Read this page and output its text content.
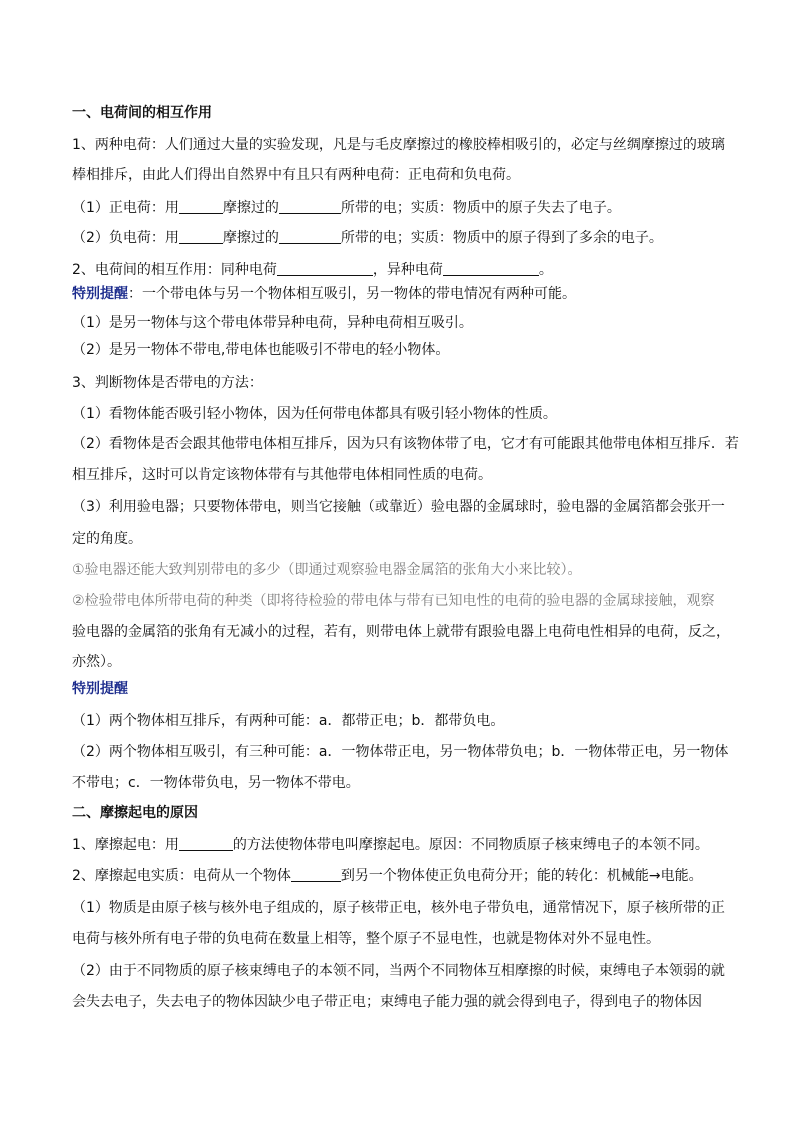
一、电荷间的相互作用
1、两种电荷：人们通过大量的实验发现，凡是与毛皮摩擦过的橡胶棒相吸引的，必定与丝绸摩擦过的玻璃
棒相排斥，由此人们得出自然界中有且只有两种电荷：正电荷和负电荷。
（1）正电荷：用	摩擦过的	所带的电；实质：物质中的原子失去了电子。
（2）负电荷：用	摩擦过的	所带的电；实质：物质中的原子得到了多余的电子。
2、电荷间的相互作用：同种电荷	，异种电荷	。
特别提醒：一个带电体与另一个物体相互吸引，另一物体的带电情况有两种可能。
（1）是另一物体与这个带电体带异种电荷，异种电荷相互吸引。
（2）是另一物体不带电,带电体也能吸引不带电的轻小物体。
3、判断物体是否带电的方法：
（1）看物体能否吸引轻小物体，因为任何带电体都具有吸引轻小物体的性质。
（2）看物体是否会跟其他带电体相互排斥，因为只有该物体带了电，它才有可能跟其他带电体相互排斥．若
相互排斥，这时可以肯定该物体带有与其他带电体相同性质的电荷。
（3）利用验电器；只要物体带电，则当它接触（或靠近）验电器的金属球时，验电器的金属箔都会张开一
定的角度。
①验电器还能大致判别带电的多少（即通过观察验电器金属箔的张角大小来比较）。
②检验带电体所带电荷的种类（即将待检验的带电体与带有已知电性的电荷的验电器的金属球接触，观察
验电器的金属箔的张角有无减小的过程，若有，则带电体上就带有跟验电器上电荷电性相异的电荷，反之，
亦然）。
特别提醒
（1）两个物体相互排斥，有两种可能：a．都带正电；b．都带负电。
（2）两个物体相互吸引，有三种可能：a．一物体带正电，另一物体带负电；b．一物体带正电，另一物体
不带电；c．一物体带负电，另一物体不带电。
二、摩擦起电的原因
1、摩擦起电：用	的方法使物体带电叫摩擦起电。原因：不同物质原子核束缚电子的本领不同。
2、摩擦起电实质：电荷从一个物体	到另一个物体使正负电荷分开；能的转化：机械能→电能。
（1）物质是由原子核与核外电子组成的，原子核带正电，核外电子带负电，通常情况下，原子核所带的正
电荷与核外所有电子带的负电荷在数量上相等，整个原子不显电性，也就是物体对外不显电性。
（2）由于不同物质的原子核束缚电子的本领不同，当两个不同物体互相摩擦的时候，束缚电子本领弱的就
会失去电子，失去电子的物体因缺少电子带正电；束缚电子能力强的就会得到电子，得到电子的物体因
